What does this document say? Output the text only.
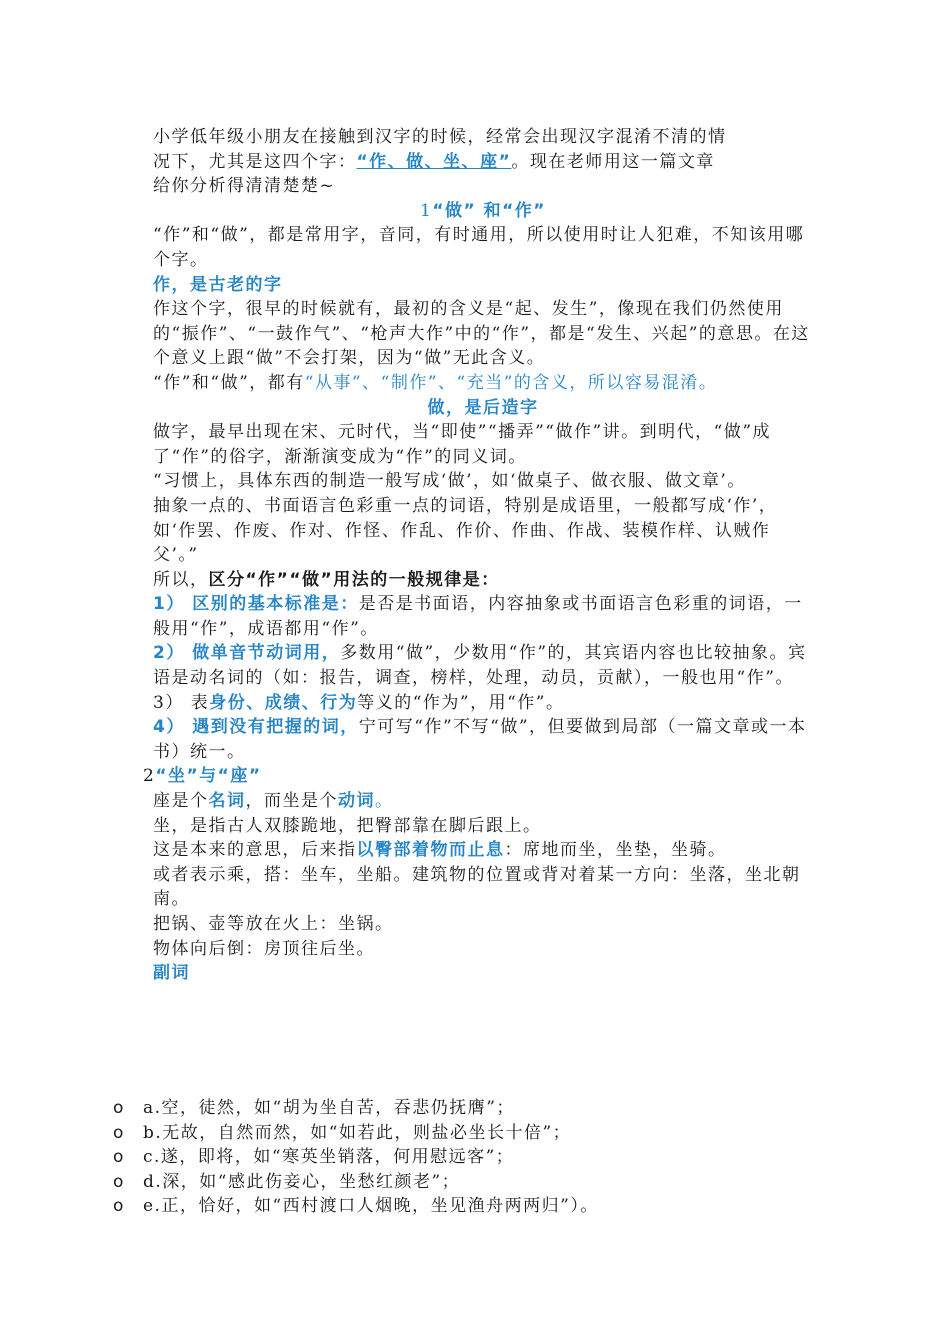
小学低年级小朋友在接触到汉字的时候，经常会出现汉字混淆不清的情
况下，尤其是这四个字：“作、做、坐、座”。现在老师用这一篇文章
给你分析得清清楚楚~

1“做” 和“作”

“作”和“做”，都是常用字，音同，有时通用，所以使用时让人犯难，不知该用哪个字。

作，是古老的字

作这个字，很早的时候就有，最初的含义是“起、发生”，像现在我们仍然使用的“振作”、“一鼓作气”、“枪声大作”中的“作”，都是“发生、兴起”的意思。在这个意义上跟“做”不会打架，因为“做”无此含义。

“作”和“做”，都有“从事”、“制作”、“充当”的含义，所以容易混淆。

做，是后造字

做字，最早出现在宋、元时代，当“即使”“播弄”“做作”讲。到明代，“做”成了“作”的俗字，渐渐演变成为“作”的同义词。

“习惯上，具体东西的制造一般写成‘做’，如‘做桌子、做衣服、做文章’。

抽象一点的、书面语言色彩重一点的词语，特别是成语里，一般都写成‘作’，如‘作罢、作废、作对、作怪、作乱、作价、作曲、作战、装模作样、认贼作父’。”

所以，区分“作”“做”用法的一般规律是：

1） 区别的基本标准是：是否是书面语，内容抽象或书面语言色彩重的词语，一般用“作”，成语都用“作”。

2） 做单音节动词用，多数用“做”，少数用“作”的，其宾语内容也比较抽象。宾语是动名词的（如：报告，调查，榜样，处理，动员，贡献），一般也用“作”。

3） 表身份、成绩、行为等义的“作为”，用“作”。

4） 遇到没有把握的词，宁可写“作”不写“做”，但要做到局部（一篇文章或一本书）统一。

2“坐”与“座”

座是个名词，而坐是个动词。

坐，是指古人双膝跪地，把臀部靠在脚后跟上。

这是本来的意思，后来指以臀部着物而止息：席地而坐，坐垫，坐骑。

或者表示乘，搭：坐车，坐船。建筑物的位置或背对着某一方向：坐落，坐北朝南。

把锅、壶等放在火上：坐锅。

物体向后倒：房顶往后坐。

副词

o a.空，徒然，如“胡为坐自苦，吞悲仍抚膺”；
o b.无故，自然而然，如“如若此，则盐必坐长十倍”；
o c.遂，即将，如“寒英坐销落，何用慰远客”；
o d.深，如“感此伤妾心，坐愁红颜老”；
o e.正，恰好，如“西村渡口人烟晚，坐见渔舟两两归”）。
